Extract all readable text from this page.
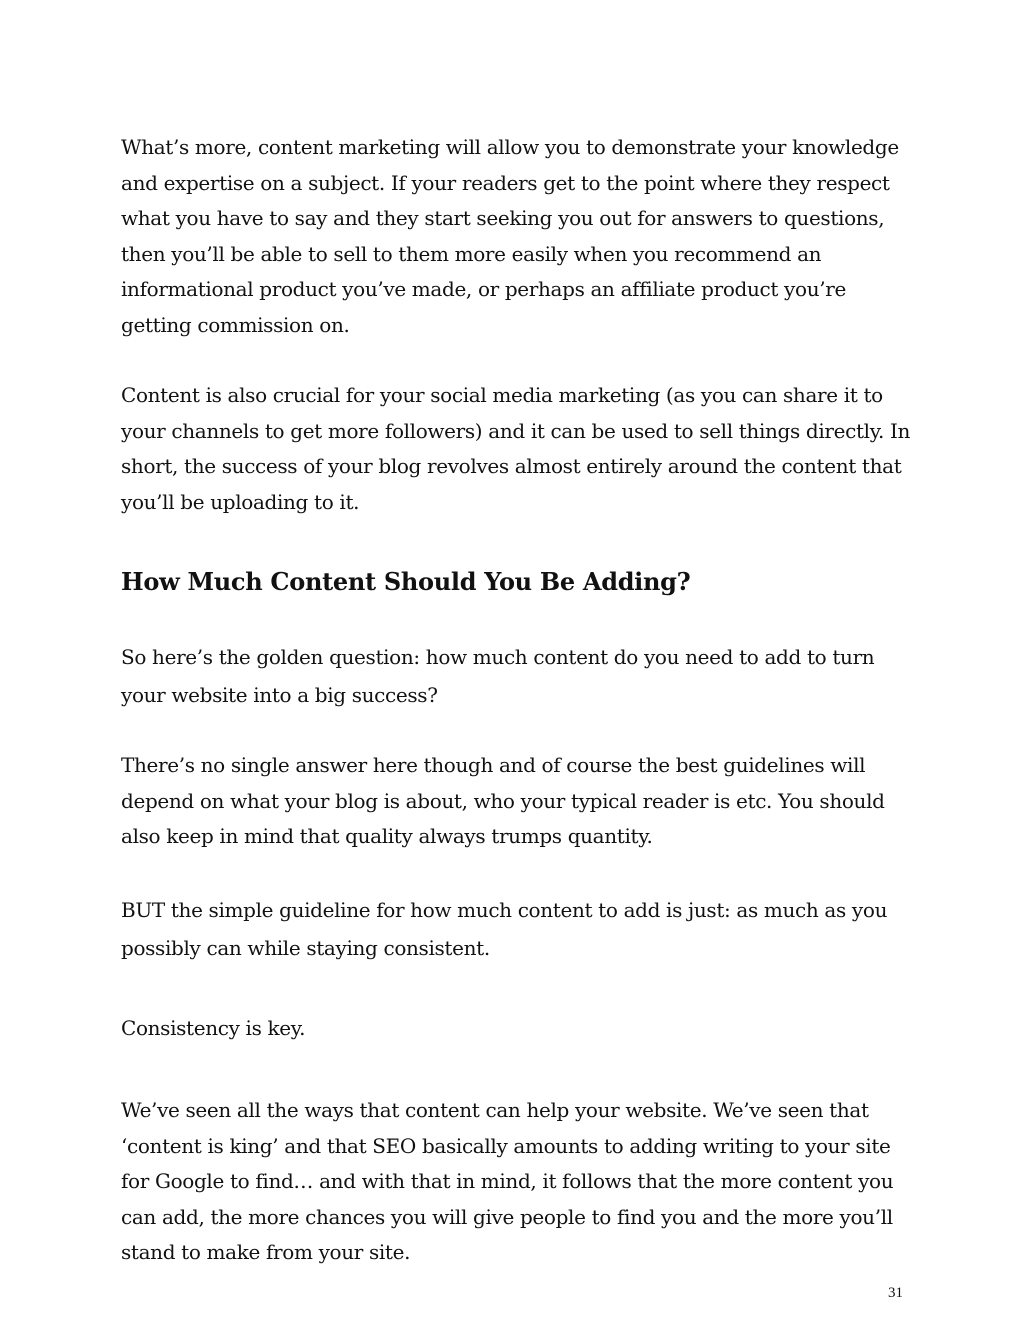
What’s more, content marketing will allow you to demonstrate your knowledge and expertise on a subject. If your readers get to the point where they respect what you have to say and they start seeking you out for answers to questions, then you’ll be able to sell to them more easily when you recommend an informational product you’ve made, or perhaps an affiliate product you’re getting commission on.

Content is also crucial for your social media marketing (as you can share it to your channels to get more followers) and it can be used to sell things directly. In short, the success of your blog revolves almost entirely around the content that you’ll be uploading to it.

How Much Content Should You Be Adding?

So here’s the golden question: how much content do you need to add to turn your website into a big success?

There’s no single answer here though and of course the best guidelines will depend on what your blog is about, who your typical reader is etc. You should also keep in mind that quality always trumps quantity.

BUT the simple guideline for how much content to add is just: as much as you possibly can while staying consistent.

Consistency is key.

We’ve seen all the ways that content can help your website. We’ve seen that ‘content is king’ and that SEO basically amounts to adding writing to your site for Google to find… and with that in mind, it follows that the more content you can add, the more chances you will give people to find you and the more you’ll stand to make from your site.

31
